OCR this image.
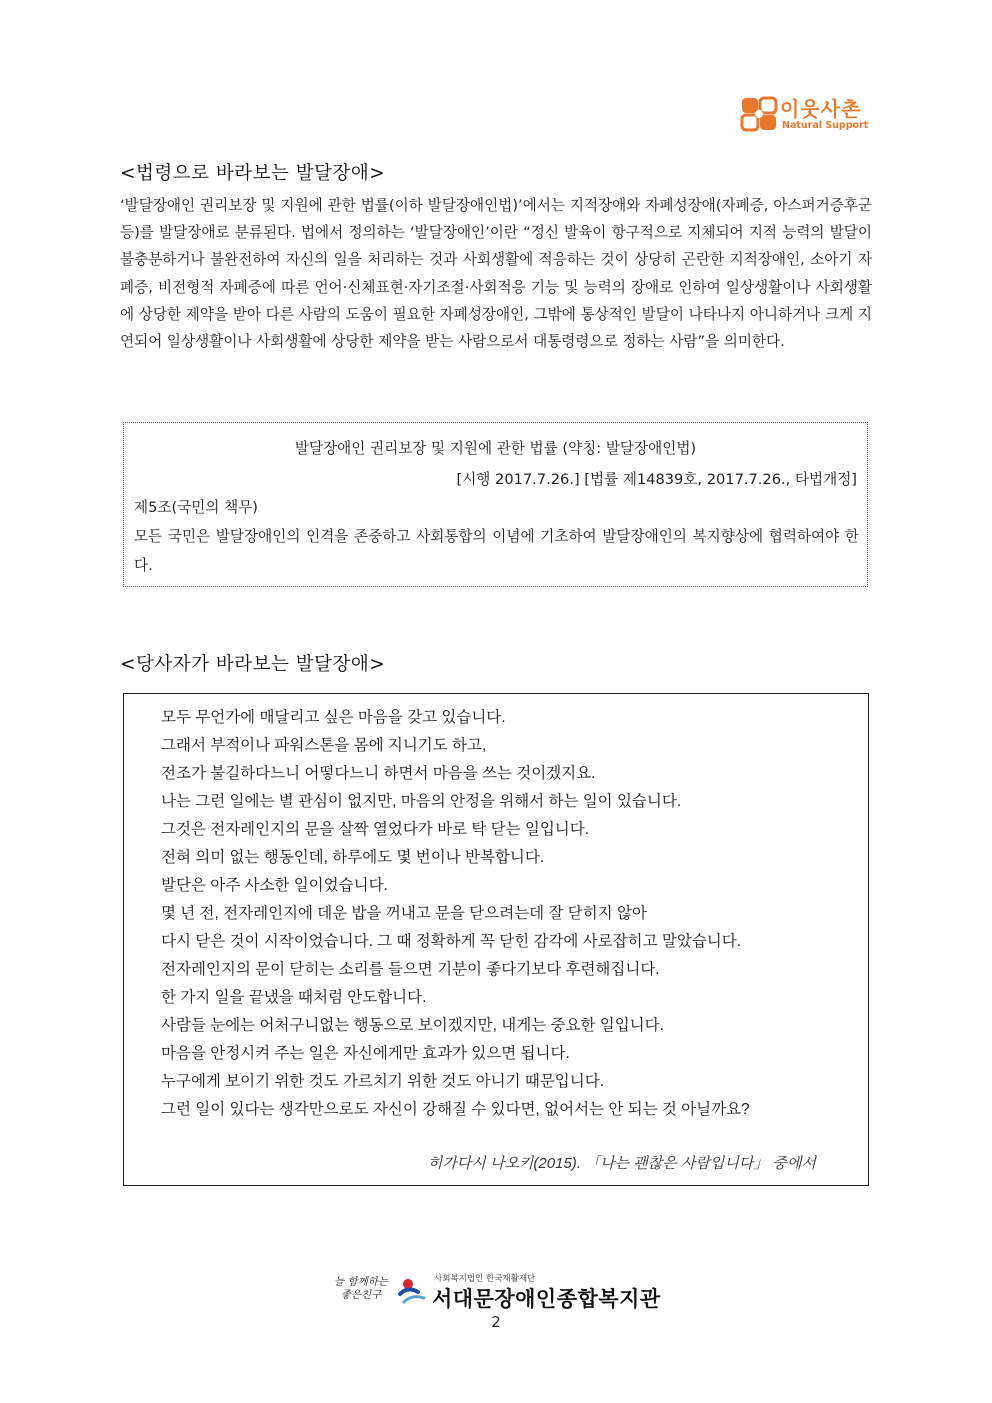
이웃사촌
Natural Support
<법령으로 바라보는 발달장애>
‘발달장애인 권리보장 및 지원에 관한 법률(이하 발달장애인법)’에서는 지적장애와 자폐성장애(자폐증, 아스퍼거증후군 등)를 발달장애로 분류된다. 법에서 정의하는 ‘발달장애인’이란 “정신 발육이 항구적으로 지체되어 지적 능력의 발달이 불충분하거나 불완전하여 자신의 일을 처리하는 것과 사회생활에 적응하는 것이 상당히 곤란한 지적장애인, 소아기 자폐증, 비전형적 자폐증에 따른 언어·신체표현·자기조절·사회적응 기능 및 능력의 장애로 인하여 일상생활이나 사회생활에 상당한 제약을 받아 다른 사람의 도움이 필요한 자폐성장애인, 그밖에 통상적인 발달이 나타나지 아니하거나 크게 지연되어 일상생활이나 사회생활에 상당한 제약을 받는 사람으로서 대통령령으로 정하는 사람”을 의미한다.
발달장애인 권리보장 및 지원에 관한 법률 (약칭: 발달장애인법)
[시행 2017.7.26.] [법률 제14839호, 2017.7.26., 타법개정]
제5조(국민의 책무)
모든 국민은 발달장애인의 인격을 존중하고 사회통합의 이념에 기초하여 발달장애인의 복지향상에 협력하여야 한다.
<당사자가 바라보는 발달장애>
모두 무언가에 매달리고 싶은 마음을 갖고 있습니다.
그래서 부적이나 파워스톤을 몸에 지니기도 하고,
전조가 불길하다느니 어떻다느니 하면서 마음을 쓰는 것이겠지요.
나는 그런 일에는 별 관심이 없지만, 마음의 안정을 위해서 하는 일이 있습니다.
그것은 전자레인지의 문을 살짝 열었다가 바로 탁 닫는 일입니다.
전혀 의미 없는 행동인데, 하루에도 몇 번이나 반복합니다.
발단은 아주 사소한 일이었습니다.
몇 년 전, 전자레인지에 데운 밥을 꺼내고 문을 닫으려는데 잘 닫히지 않아
다시 닫은 것이 시작이었습니다. 그 때 정확하게 꼭 닫힌 감각에 사로잡히고 말았습니다.
전자레인지의 문이 닫히는 소리를 들으면 기분이 좋다기보다 후련해집니다.
한 가지 일을 끝냈을 때처럼 안도합니다.
사람들 눈에는 어처구니없는 행동으로 보이겠지만, 내게는 중요한 일입니다.
마음을 안정시켜 주는 일은 자신에게만 효과가 있으면 됩니다.
누구에게 보이기 위한 것도 가르치기 위한 것도 아니기 때문입니다.
그런 일이 있다는 생각만으로도 자신이 강해질 수 있다면, 없어서는 안 되는 것 아닐까요?
히가다시 나오키(2015). 「나는 괜찮은 사람입니다」 중에서
늘 함께하는 좋은친구
사회복지법인 한국재활재단
서대문장애인종합복지관
2
